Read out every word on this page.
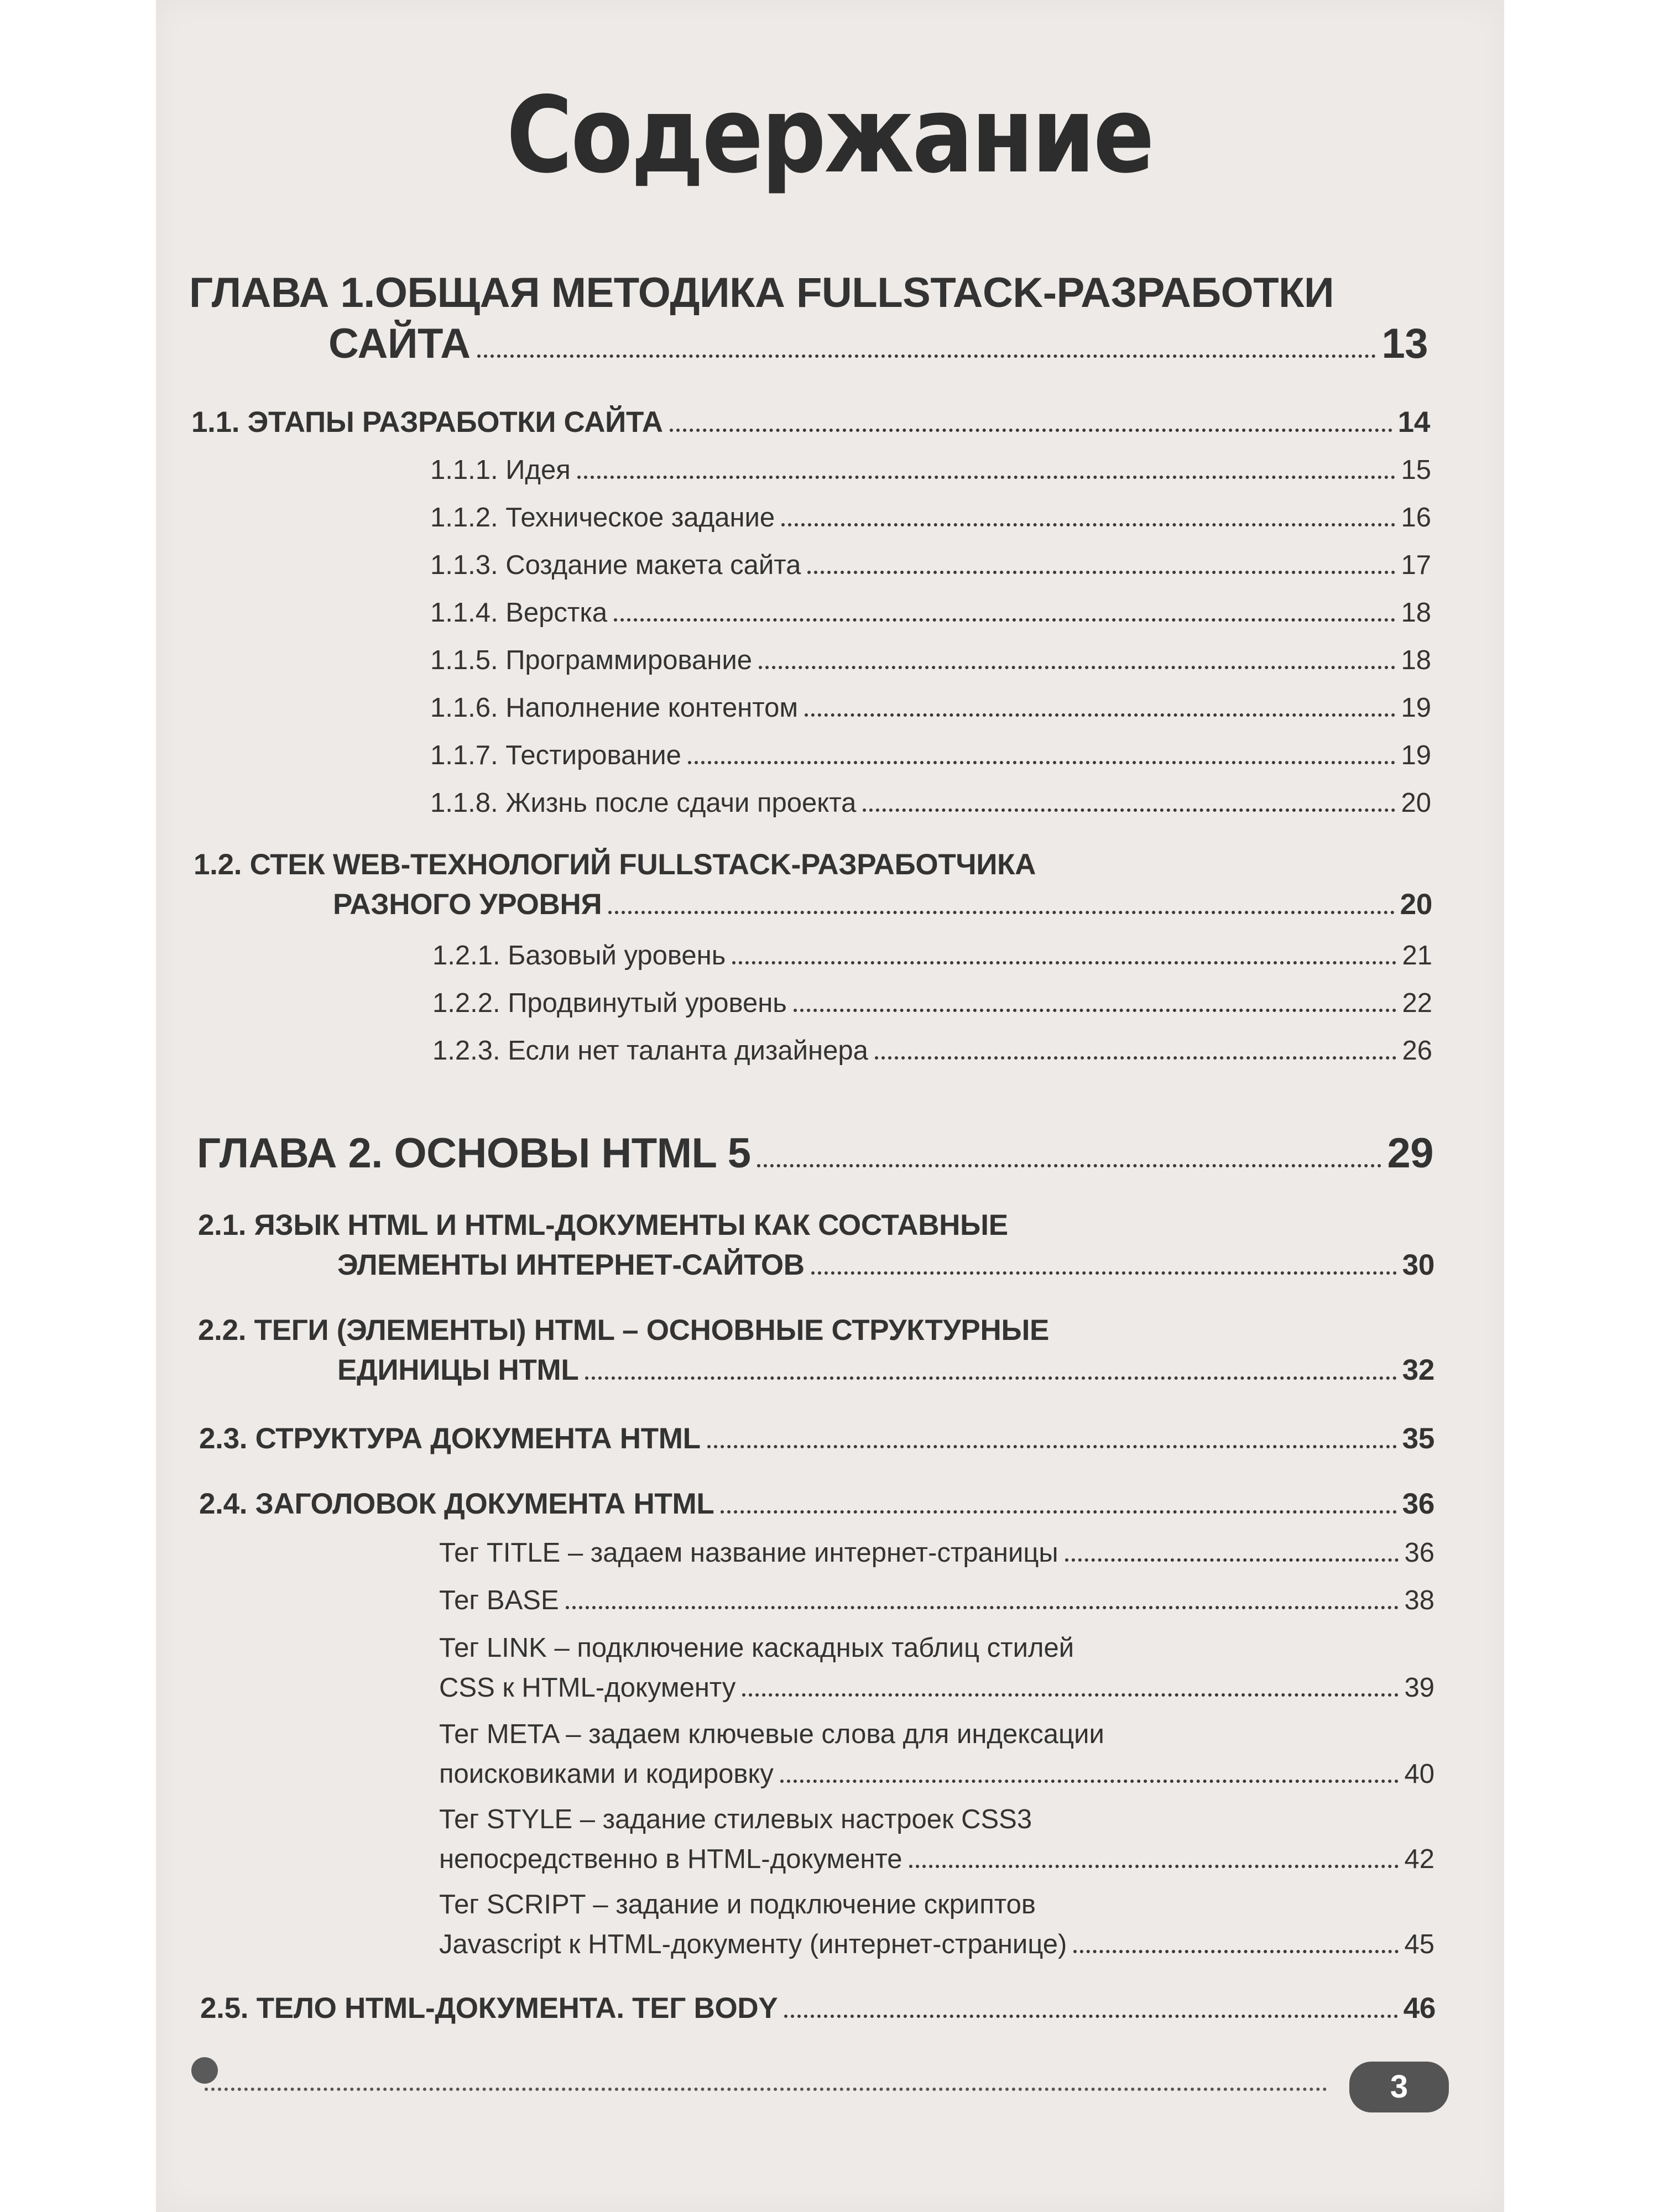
Содержание
ГЛАВА 1.ОБЩАЯ МЕТОДИКА FULLSTACK-РАЗРАБОТКИ
САЙТА	13
1.1. ЭТАПЫ РАЗРАБОТКИ САЙТА	14
1.1.1. Идея	15
1.1.2. Техническое задание	16
1.1.3. Создание макета сайта	17
1.1.4. Верстка	18
1.1.5. Программирование	18
1.1.6. Наполнение контентом	19
1.1.7. Тестирование	19
1.1.8. Жизнь после сдачи проекта	20
1.2. СТЕК WEB-ТЕХНОЛОГИЙ FULLSTACK-РАЗРАБОТЧИКА
РАЗНОГО УРОВНЯ	20
1.2.1. Базовый уровень	21
1.2.2. Продвинутый уровень	22
1.2.3. Если нет таланта дизайнера	26
ГЛАВА 2. ОСНОВЫ HTML 5	29
2.1. ЯЗЫК HTML И HTML-ДОКУМЕНТЫ КАК СОСТАВНЫЕ
ЭЛЕМЕНТЫ ИНТЕРНЕТ-САЙТОВ	30
2.2. ТЕГИ (ЭЛЕМЕНТЫ) HTML – ОСНОВНЫЕ СТРУКТУРНЫЕ
ЕДИНИЦЫ HTML	32
2.3. СТРУКТУРА ДОКУМЕНТА HTML	35
2.4. ЗАГОЛОВОК ДОКУМЕНТА HTML	36
Тег TITLE – задаем название интернет-страницы	36
Тег BASE	38
Тег LINK – подключение каскадных таблиц стилей
CSS к HTML-документу	39
Тег META – задаем ключевые слова для индексации
поисковиками и кодировку	40
Тег STYLE – задание стилевых настроек CSS3
непосредственно в HTML-документе	42
Тег SCRIPT – задание и подключение скриптов
Javascript к HTML-документу (интернет-странице)	45
2.5. ТЕЛО HTML-ДОКУМЕНТА. ТЕГ BODY	46
3
